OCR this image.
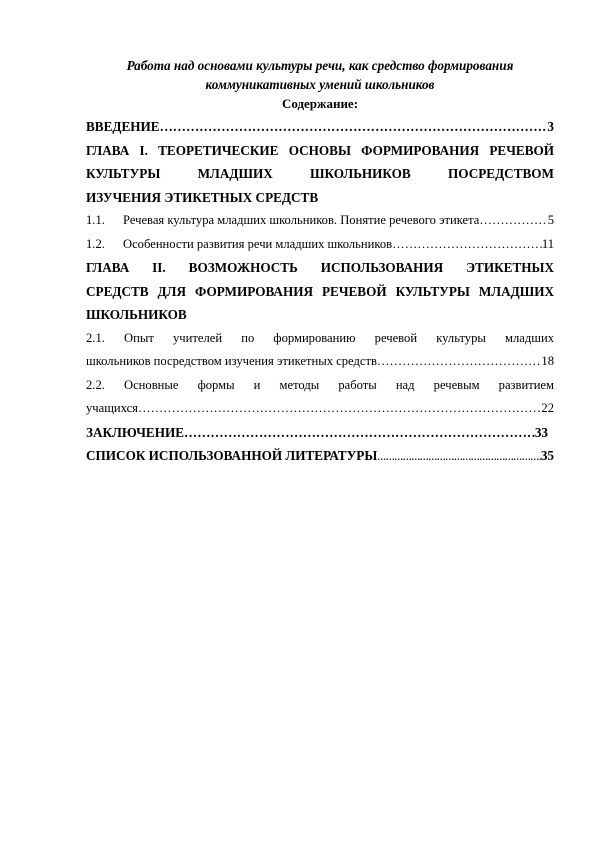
Работа над основами культуры речи, как средство формирования
коммуникативных умений школьников

Содержание:
ВВЕДЕНИЕ ……………………………………………………………………………………………………………………………………………………………………	3
ГЛАВА I. ТЕОРЕТИЧЕСКИЕ ОСНОВЫ ФОРМИРОВАНИЯ РЕЧЕВОЙ
КУЛЬТУРЫ МЛАДШИХ ШКОЛЬНИКОВ ПОСРЕДСТВОМ
ИЗУЧЕНИЯ ЭТИКЕТНЫХ СРЕДСТВ
1.1.	Речевая культура младших школьников. Понятие речевого этикета ……………………………………………………………………………………………………………………………………………………………………	5
1.2.	Особенности развития речи младших школьников ……………………………………………………………………………………………………………………………………………………………………	11
ГЛАВА II. ВОЗМОЖНОСТЬ ИСПОЛЬЗОВАНИЯ ЭТИКЕТНЫХ
СРЕДСТВ ДЛЯ ФОРМИРОВАНИЯ РЕЧЕВОЙ КУЛЬТУРЫ МЛАДШИХ
ШКОЛЬНИКОВ
2.1. Опыт учителей по формированию речевой культуры младших
школьников посредством изучения этикетных средств ……………………………………………………………………………………………………………………………………………………………………	18
2.2. Основные формы и методы работы над речевым развитием
учащихся ……………………………………………………………………………………………………………………………………………………………………	22
ЗАКЛЮЧЕНИЕ ……………………………………………………………………………………………………………………………………………………………………	33
СПИСОК ИСПОЛЬЗОВАННОЙ ЛИТЕРАТУРЫ ……………………………………………………………………………………………………………………………………………………………………	35
